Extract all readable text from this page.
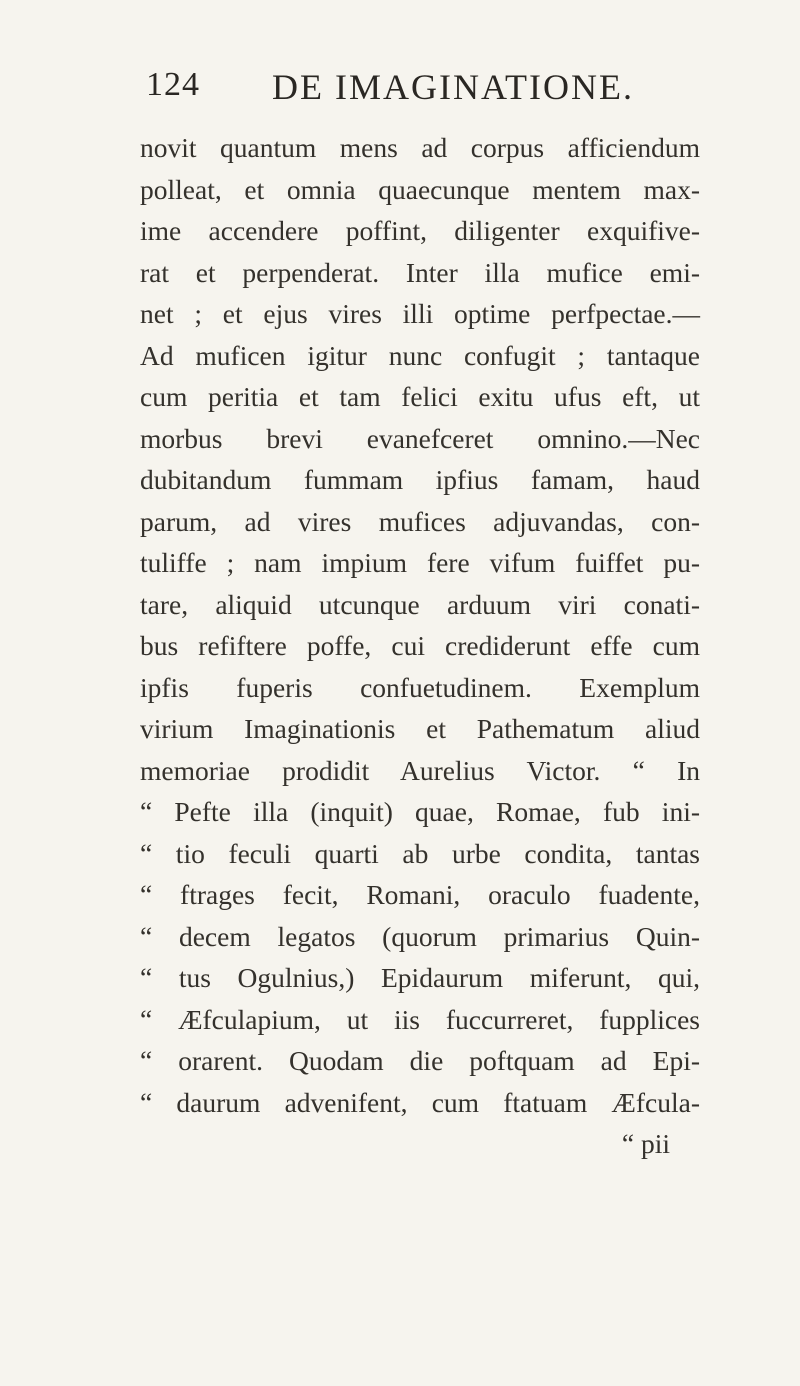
124 DE IMAGINATIONE.
novit quantum mens ad corpus afficiendum
polleat, et omnia quaecunque mentem max-
ime accendere poffint, diligenter exquifive-
rat et perpenderat. Inter illa mufice emi-
net ; et ejus vires illi optime perfpectae.—
Ad muficen igitur nunc confugit ; tantaque
cum peritia et tam felici exitu ufus eft, ut
morbus brevi evanefceret omnino.—Nec
dubitandum fummam ipfius famam, haud
parum, ad vires mufices adjuvandas, con-
tuliffe ; nam impium fere vifum fuiffet pu-
tare, aliquid utcunque arduum viri conati-
bus refiftere poffe, cui crediderunt effe cum
ipfis fuperis confuetudinem. Exemplum
virium Imaginationis et Pathematum aliud
memoriae prodidit Aurelius Victor. “ In
“ Pefte illa (inquit) quae, Romae, fub ini-
“ tio feculi quarti ab urbe condita, tantas
“ ftrages fecit, Romani, oraculo fuadente,
“ decem legatos (quorum primarius Quin-
“ tus Ogulnius,) Epidaurum miferunt, qui,
“ Æfculapium, ut iis fuccurreret, fupplices
“ orarent. Quodam die poftquam ad Epi-
“ daurum advenifent, cum ftatuam Æfcula-
“ pii
